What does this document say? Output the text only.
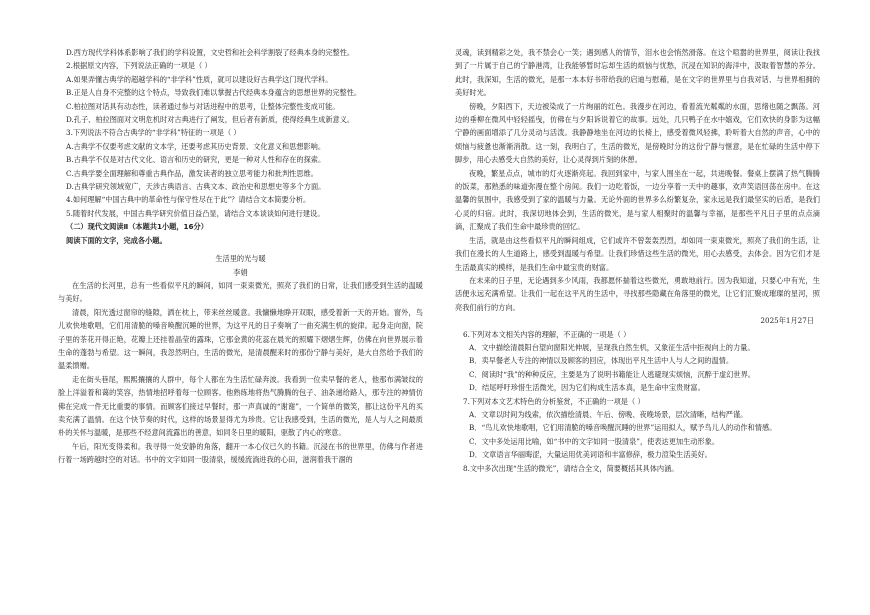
D.西方现代学科体系影响了我们的学科设置，文史哲和社会科学割裂了经典本身的完整性。

2.根据原文内容，下列说法正确的一项是（ ）

A.如果弄懂古典学的超越学科的“非学科”性质，就可以建设好古典学这门现代学科。

B.正是人自身不完整的这个特点，导致我们难以掌握古代经典本身蕴含的思想世界的完整性。

C.柏拉图对话具有动态性，读者通过参与对话进程中的思考，让整体完整性变成可能。

D.孔子、柏拉图面对文明危机时对古典进行了阐发，但后者有新质，使得经典生成新意义。

3.下列说法不符合古典学的“非学科”特征的一项是（ ）

A.古典学不仅要考虑文献的文本学，还要考虑其历史背景、文化意义和思想影响。

B.古典学不仅是对古代文化、语言和历史的研究，更是一种对人性和存在的探索。

C.古典学要全面理解和尊重古典作品，激发读者的独立思考能力和批判性思维。

D.古典学研究领域宽广，天涉古典语言、古典文本、政治史和思想史等多个方面。

4.如何理解“中国古典中的革命性与保守性尽在于此”？请结合文本简要分析。

5.随着时代发展，中国古典学研究价值日益凸显，请结合文本谈谈如何进行建设。

（二）现代文阅读Ⅱ（本题共1小题，16分）

阅读下面的文字，完成各小题。

生活里的光与暖

李娟

在生活的长河里，总有一些看似平凡的瞬间，如同一束束微光，照亮了我们的日常，让我们感受到生活的温暖与美好。

清晨，阳光透过窗帘的缝隙，洒在枕上，带来丝丝暖意。我慵懒地睁开双眼，感受着新一天的开始。窗外，鸟儿欢快地歌唱，它们用清脆的嗓音唤醒沉睡的世界，为这平凡的日子奏响了一曲充满生机的旋律。起身走向窗，院子里的茶花开得正艳，花瓣上还挂着晶莹的露珠，它那金黄的花蕊在晨光的照耀下熠熠生辉，仿佛在向世界展示着生命的蓬勃与希望。这一瞬间，我忽然明白，生活的微光，是清晨醒来时的那份宁静与美好，是大自然给予我们的温柔馈赠。

走在街头巷尾，熙熙攘攘的人群中，每个人都在为生活忙碌奔波。我看到一位卖早餐的老人，他那布满皱纹的脸上洋溢着和蔼的笑容，热情地招呼着每一位顾客。他熟练地将热气腾腾的包子、油条递给路人，那专注的神情仿佛在完成一件无比重要的事情。而顾客们接过早餐时，那一声真诚的“谢谢”，一个简单的微笑，都让这份平凡的买卖充满了温情。在这个快节奏的时代，这样的场景显得尤为珍贵。它让我感受到，生活的微光，是人与人之间最质朴的关怀与温暖，是那些不经意间流露出的善意，如同冬日里的暖阳，驱散了内心的寒意。

午后，阳光变得柔和。我寻得一处安静的角落，翻开一本心仪已久的书籍。沉浸在书的世界里，仿佛与作者进行着一场跨越时空的对话。书中的文字如同一股清泉，缓缓流淌进我的心田，滋润着我干涸的

灵魂，读到精彩之处，我不禁会心一笑；遇到感人的情节，泪水也会悄然滑落。在这个喧嚣的世界里，阅读让我找到了一片属于自己的宁静港湾，让我能够暂时忘却生活的烦恼与忧愁，沉浸在知识的海洋中，汲取着智慧的养分。此时，我深知，生活的微光，是那一本本好书带给我的启迪与慰藉，是在文字的世界里与自我对话、与世界相拥的美好时光。

傍晚，夕阳西下，天边被染成了一片绚丽的红色。我漫步在河边，看着流光粼粼的水面，思绪也随之飘荡。河边的垂柳在微风中轻轻摇曳，仿佛在与夕阳诉说着它的故事。远处，几只鸭子在水中嬉戏，它们欢快的身影为这幅宁静的画面增添了几分灵动与活泼。我静静地坐在河边的长椅上，感受着微风轻拂，聆听着大自然的声音，心中的烦恼与疲惫也渐渐消散。这一刻，我明白了，生活的微光，是傍晚时分的这份宁静与惬意，是在忙碌的生活中停下脚步，用心去感受大自然的美好，让心灵得到片刻的休憩。

夜晚，繁星点点，城市的灯火逐渐亮起。我回到家中，与家人围坐在一起，共进晚餐。餐桌上摆满了热气腾腾的饭菜，那熟悉的味道弥漫在整个房间。我们一边吃着饭，一边分享着一天中的趣事，欢声笑语回荡在房中。在这温馨的氛围中，我感受到了家的温暖与力量。无论外面的世界多么纷繁复杂，家永远是我们最坚实的后盾，是我们心灵的归宿。此时，我深切地体会到，生活的微光，是与家人相聚时的温馨与幸福，是那些平凡日子里的点点滴滴，汇聚成了我们生命中最珍贵的回忆。

生活，就是由这些看似平凡的瞬间组成，它们或许不曾轰轰烈烈，却如同一束束微光，照亮了我们的生活，让我们在漫长的人生道路上，感受到温暖与希望。让我们珍惜这些生活的微光，用心去感受，去体会。因为它们才是生活最真实的模样，是我们生命中最宝贵的财富。

在未来的日子里，无论遇到多少风雨，我都愿怀揣着这些微光，勇敢地前行。因为我知道，只要心中有光，生活便永远充满希望。让我们一起在这平凡的生活中，寻找那些隐藏在角落里的微光，让它们汇聚成璀璨的星河，照亮我们前行的方向。

2025年1月27日

6.下列对本文相关内容的理解，不正确的一项是（ ）

A．文中描绘清晨阳台望向窗阳光伸展，呈现我白然生机，又象征生活中拒视向上的力量。

B．卖早餐老人专注的神情以及顾客的回应，体现出平凡生活中人与人之间的温情。

C．阅读时“我”的种种反应，主要是为了说明书籍能让人逃避现实烦恼，沉醉于虚幻世界。

D．结尾呼吁珍惜生活微光，因为它们构成生活本真，是生命中宝贵财富。

7.下列对本文艺术特色的分析鉴赏，不正确的一项是（ ）

A．文章以时间为线索，依次描绘清晨、午后、傍晚、夜晚场景，层次清晰，结构严谨。

B．“鸟儿欢快地歌唱，它们用清脆的嗓音唤醒沉睡的世界”运用拟人，赋予鸟儿人的动作和情感。

C．文中多处运用比喻，如“书中的文字如同一股清泉”，使表达更加生动形象。

D．文章语言华丽晦涩，大量运用优美词语和丰富修辞，极力渲染生活美好。

8.文中多次出现“生活的微光”，请结合全文，简要概括其具体内涵。
